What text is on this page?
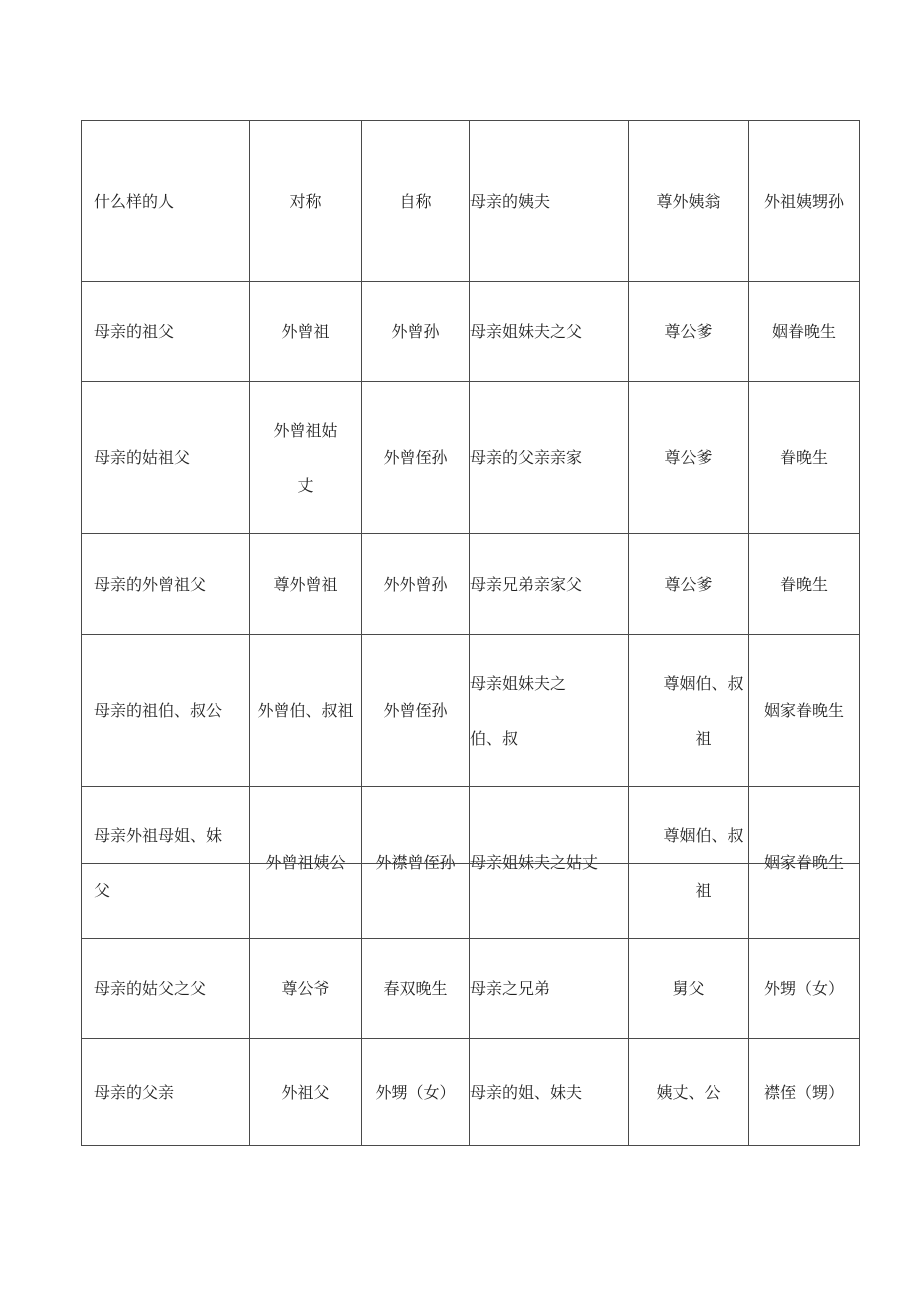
什么样的人	对称	自称	母亲的姨夫	尊外姨翁	外祖姨甥孙

母亲的祖父	外曾祖	外曾孙	母亲姐妹夫之父	尊公爹	姻眷晚生

母亲的姑祖父	外曾祖姑丈	外曾侄孙	母亲的父亲亲家	尊公爹	眷晚生

母亲的外曾祖父	尊外曾祖	外外曾孙	母亲兄弟亲家父	尊公爹	眷晚生

母亲的祖伯、叔公	外曾伯、叔祖	外曾侄孙	母亲姐妹夫之伯、叔	尊姻伯、叔祖	姻家眷晚生

母亲外祖母姐、妹父	外曾祖姨公	外襟曾侄孙	母亲姐妹夫之姑丈	尊姻伯、叔祖	姻家眷晚生

母亲的姑父之父	尊公爷	春双晚生	母亲之兄弟	舅父	外甥（女）

母亲的父亲	外祖父	外甥（女）	母亲的姐、妹夫	姨丈、公	襟侄（甥）
